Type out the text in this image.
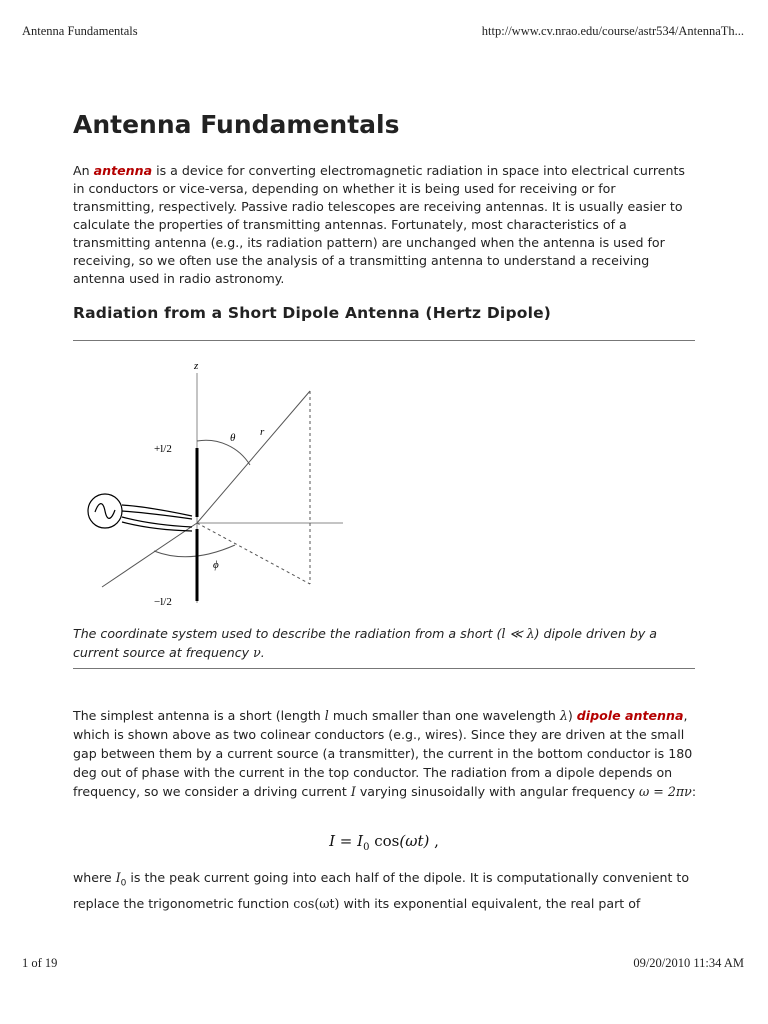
Antenna Fundamentals	http://www.cv.nrao.edu/course/astr534/AntennaTh...
Antenna Fundamentals

An antenna is a device for converting electromagnetic radiation in space into electrical currents in conductors or vice-versa, depending on whether it is being used for receiving or for transmitting, respectively. Passive radio telescopes are receiving antennas. It is usually easier to calculate the properties of transmitting antennas. Fortunately, most characteristics of a transmitting antenna (e.g., its radiation pattern) are unchanged when the antenna is used for receiving, so we often use the analysis of a transmitting antenna to understand a receiving antenna used in radio astronomy.

Radiation from a Short Dipole Antenna (Hertz Dipole)
z
θ r
+l/2
−l/2
ϕ

The coordinate system used to describe the radiation from a short (l ≪ λ) dipole driven by a current source at frequency ν.

The simplest antenna is a short (length l much smaller than one wavelength λ) dipole antenna, which is shown above as two colinear conductors (e.g., wires). Since they are driven at the small gap between them by a current source (a transmitter), the current in the bottom conductor is 180 deg out of phase with the current in the top conductor. The radiation from a dipole depends on frequency, so we consider a driving current I varying sinusoidally with angular frequency ω = 2πν:

$I = I_0$ cos(ωt) ,

where $I_0$ is the peak current going into each half of the dipole. It is computationally convenient to replace the trigonometric function cos(ωt) with its exponential equivalent, the real part of

1 of 19	09/20/2010 11:34 AM
